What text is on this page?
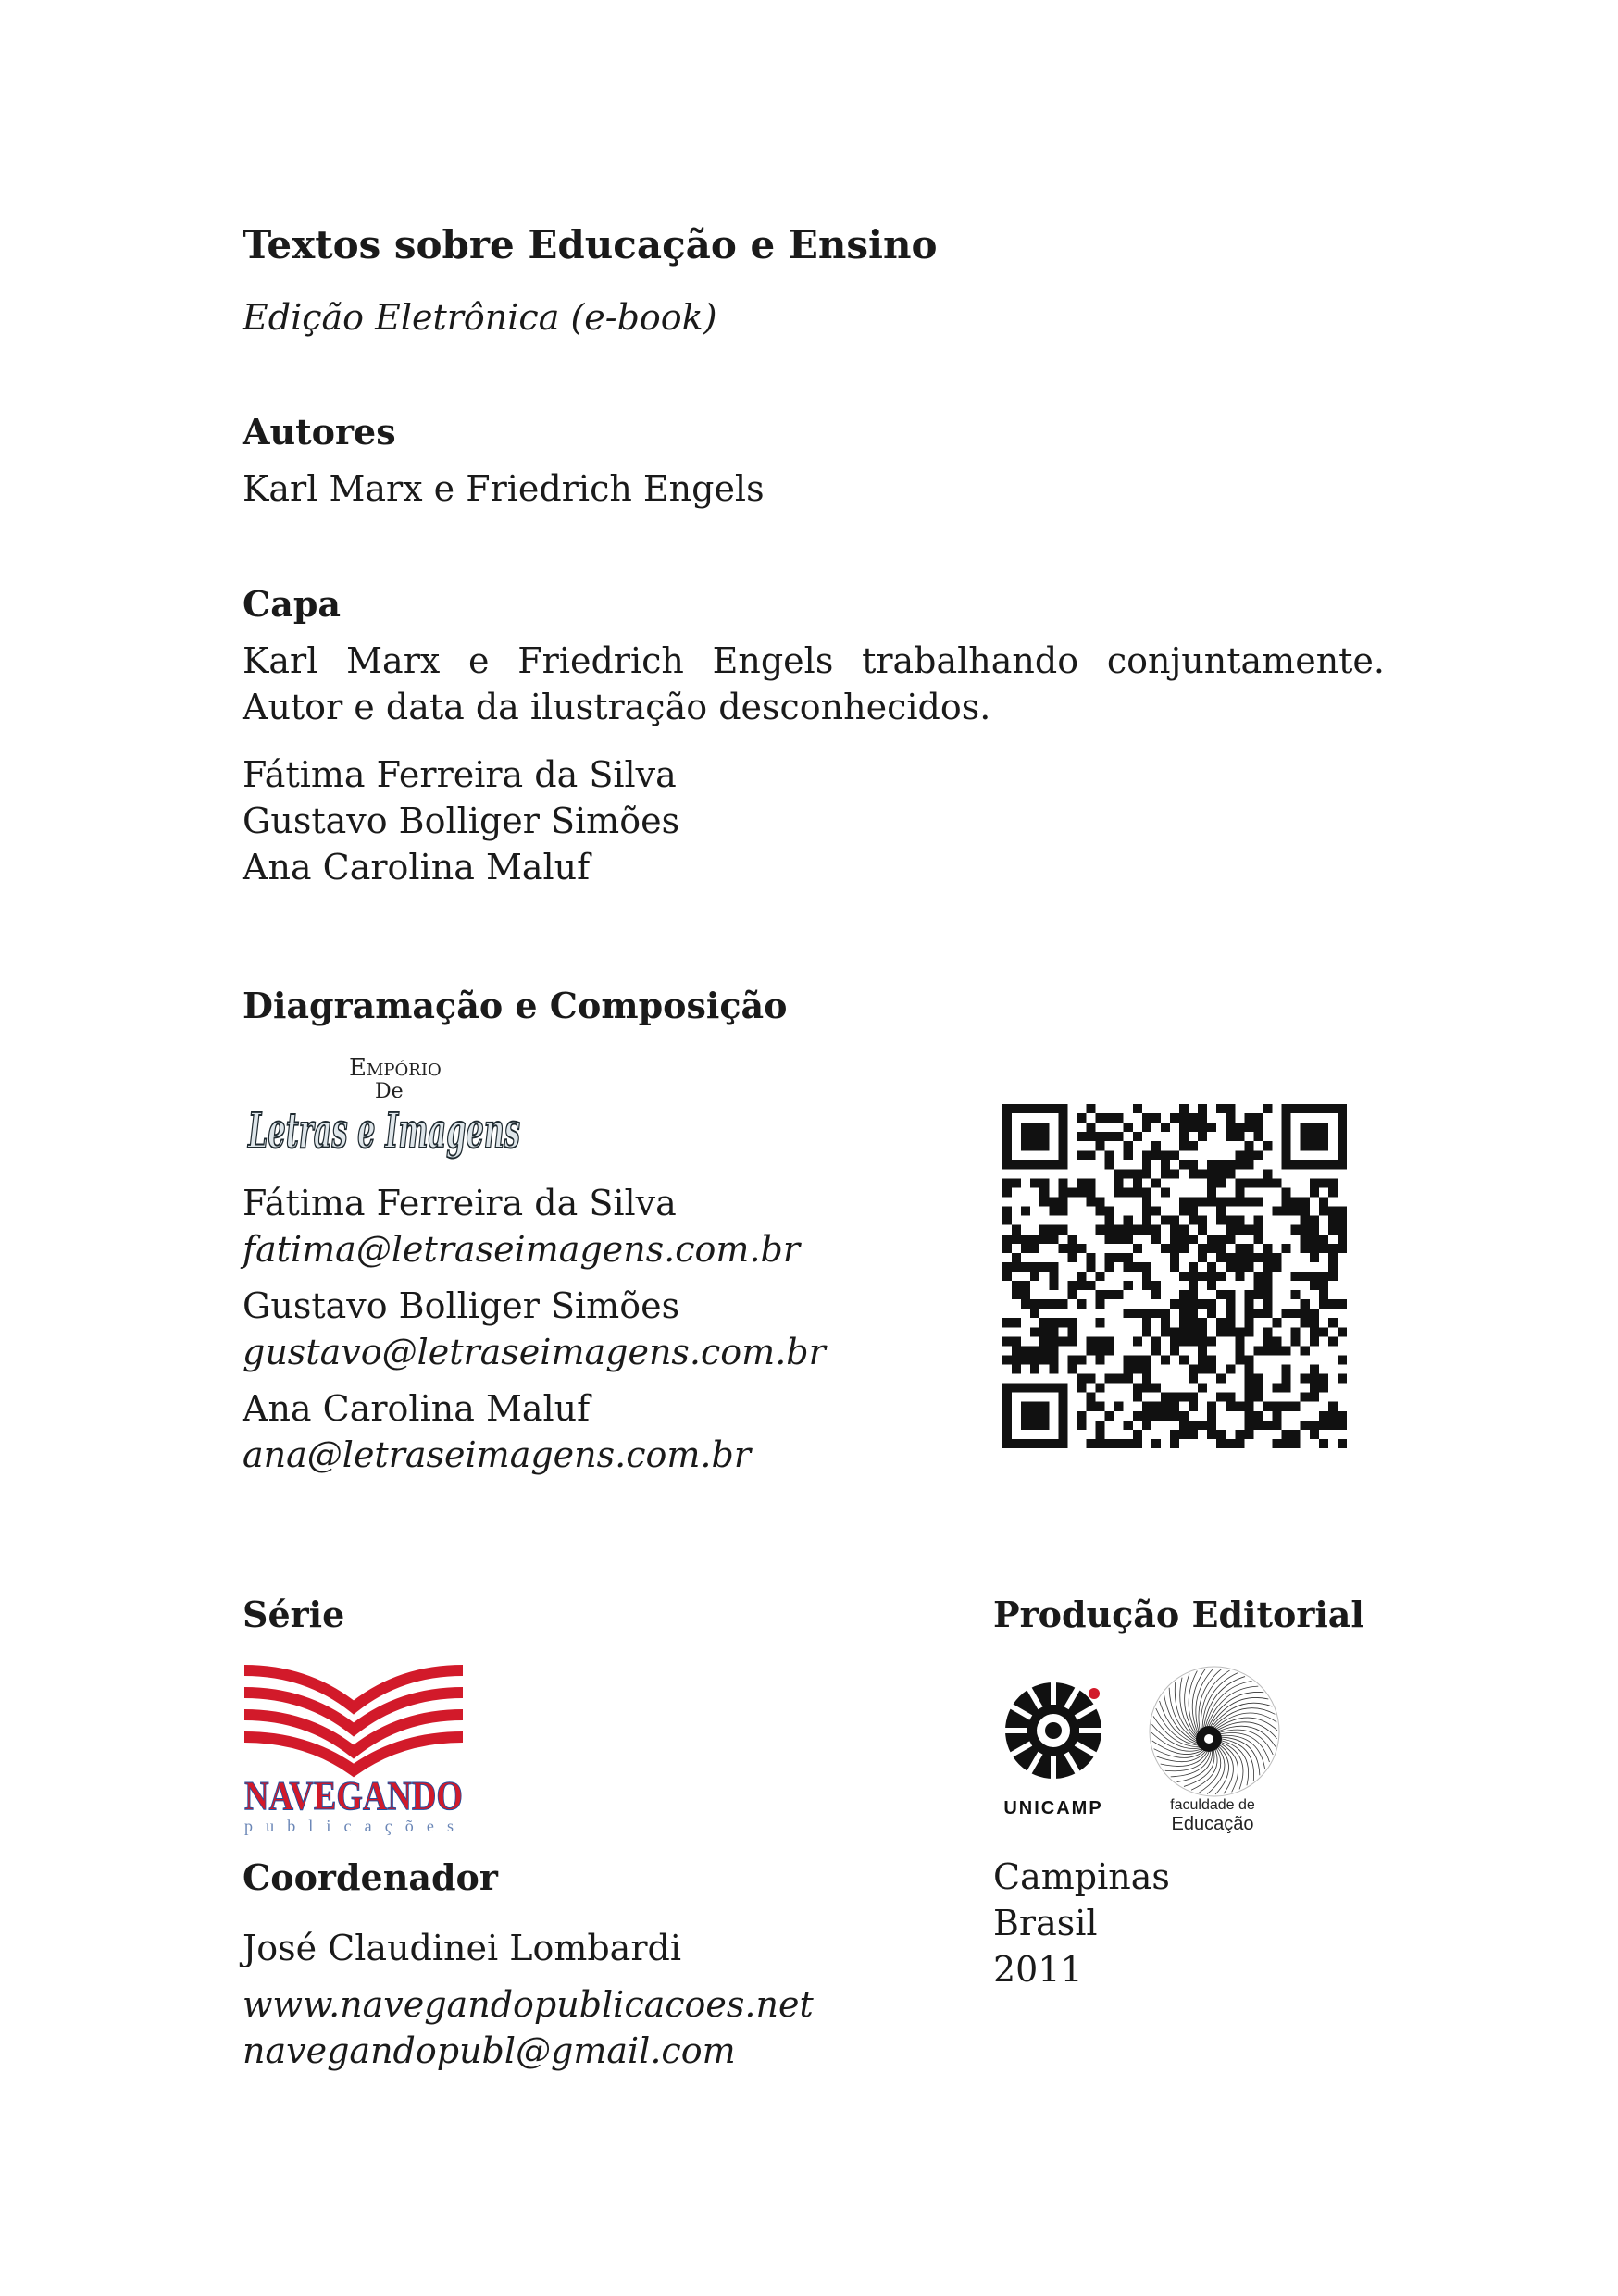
Textos sobre Educação e Ensino
Edição Eletrônica (e-book)
Autores
Karl Marx e Friedrich Engels
Capa
Karl Marx e Friedrich Engels trabalhando conjuntamente. Autor e data da ilustração desconhecidos.
Fátima Ferreira da Silva
Gustavo Bolliger Simões
Ana Carolina Maluf
Diagramação e Composição
Empório
De
Letras e Imagens
Fátima Ferreira da Silva
fatima@letraseimagens.com.br
Gustavo Bolliger Simões
gustavo@letraseimagens.com.br
Ana Carolina Maluf
ana@letraseimagens.com.br
Série
NAVEGANDO
publicações
Coordenador
José Claudinei Lombardi
www.navegandopublicacoes.net
navegandopubl@gmail.com
Produção Editorial
UNICAMP	faculdade de
Educação
Campinas
Brasil
2011
